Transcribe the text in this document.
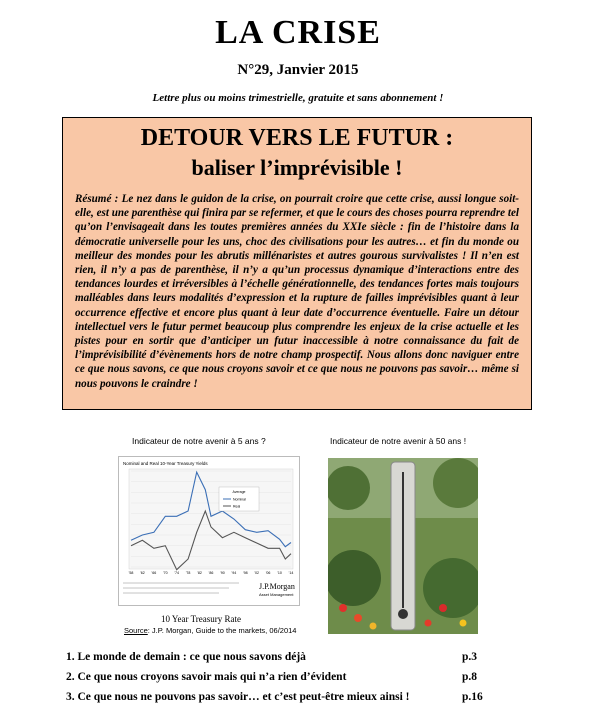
LA CRISE
N°29, Janvier 2015
Lettre plus ou moins trimestrielle, gratuite et sans abonnement !
DETOUR VERS LE FUTUR :
baliser l’imprévisible !

Résumé : Le nez dans le guidon de la crise, on pourrait croire que cette crise, aussi longue soit-elle, est une parenthèse qui finira par se refermer, et que le cours des choses pourra reprendre tel qu’on l’envisageait dans les toutes premières années du XXIe siècle : fin de l’histoire dans la démocratie universelle pour les uns, choc des civilisations pour les autres… et fin du monde ou meilleur des mondes pour les abrutis millénaristes et autres gourous survivalistes ! Il n’en est rien, il n’y a pas de parenthèse, il n’y a qu’un processus dynamique d’interactions entre des tendances lourdes et irréversibles à l’échelle générationnelle, des tendances fortes mais toujours malléables dans leurs modalités d’expression et la rupture de failles imprévisibles quant à leur occurrence effective et encore plus quant à leur date d’occurrence éventuelle. Faire un détour intellectuel vers le futur permet beaucoup plus comprendre les enjeux de la crise actuelle et les pistes pour en sortir que d’anticiper un futur inaccessible à notre connaissance du fait de l’imprévisibilité d’évènements hors de notre champ prospectif. Nous allons donc naviguer entre ce que nous savons, ce que nous croyons savoir et ce que nous ne pouvons pas savoir… même si nous pouvons le craindre !

Indicateur de notre avenir à 5 ans ?	Indicateur de notre avenir à 50 ans !
Nominal and Real 10-Year Treasury Yields
'58 '62 '66 '70 '74 '78 '82 '86 '90 '94 '98 '02 '06 '10 '14
Average
Nominal
Real
J.P.Morgan
Asset Management
10 Year Treasury Rate
Source: J.P. Morgan, Guide to the markets, 06/2014
1. Le monde de demain : ce que nous savons déjà	p.3
2. Ce que nous croyons savoir mais qui n’a rien d’évident	p.8
3. Ce que nous ne pouvons pas savoir… et c’est peut-être mieux ainsi !	p.16
